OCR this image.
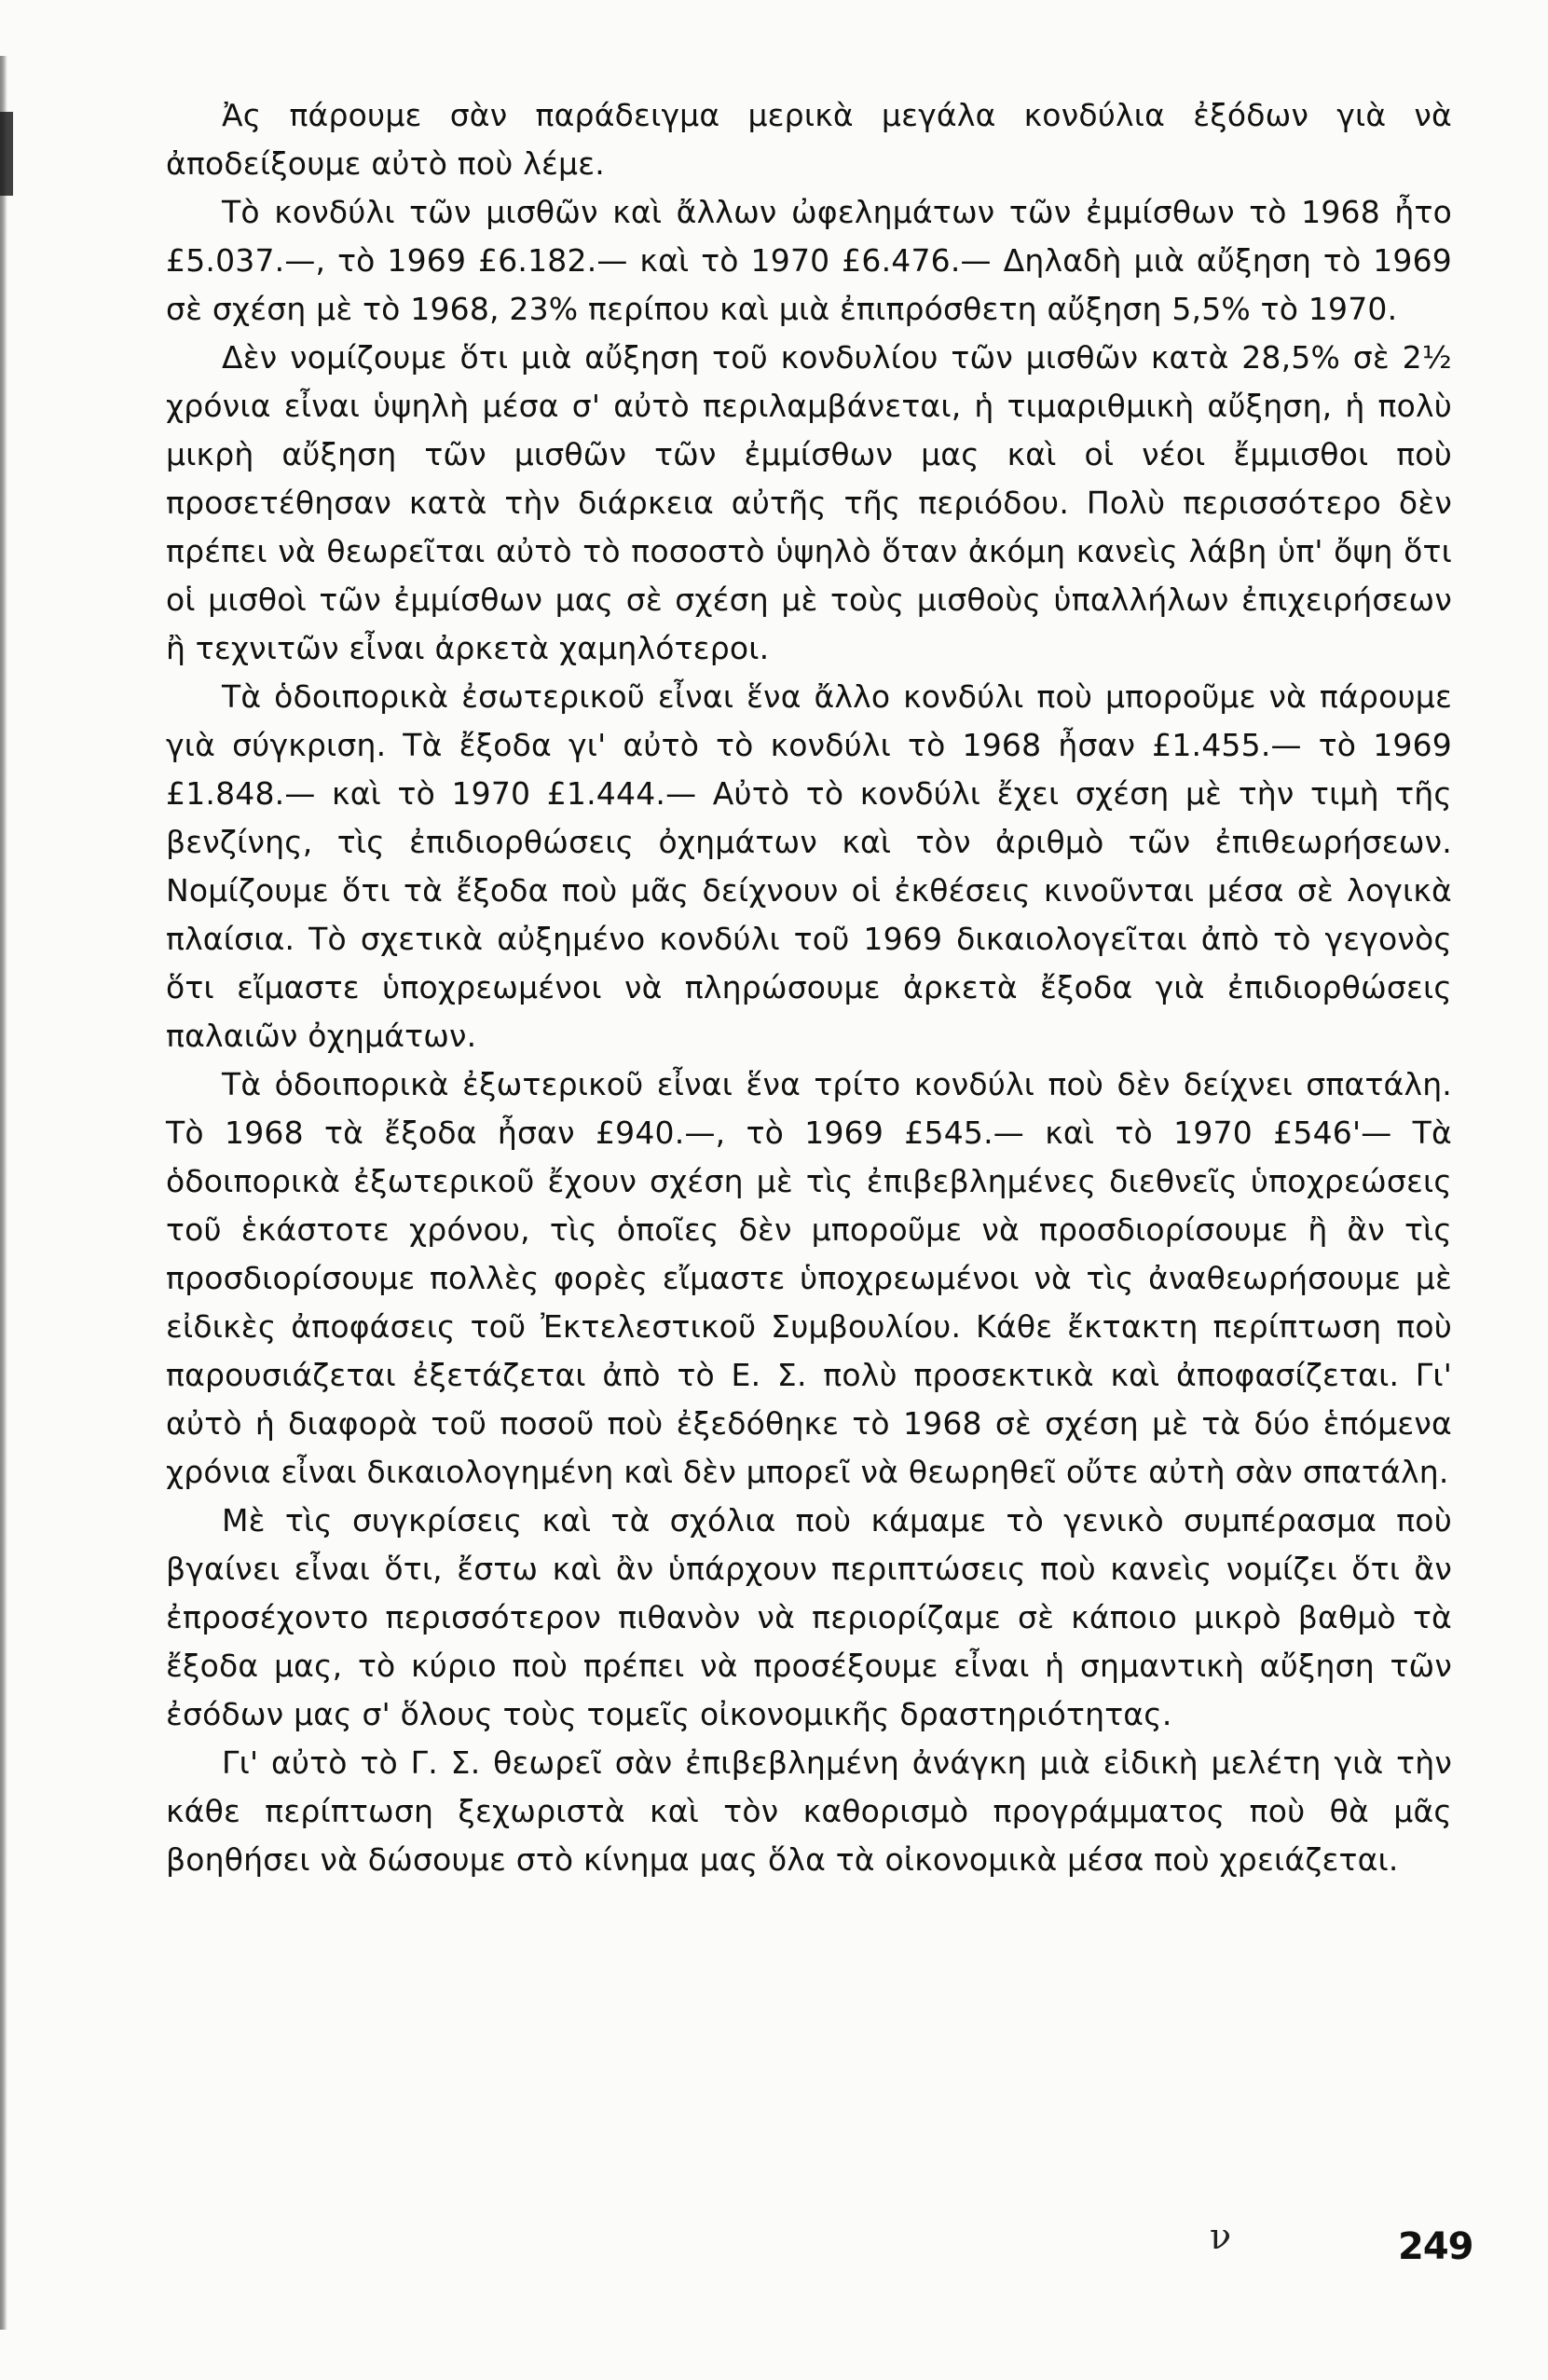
Ἀς πάρουμε σὰν παράδειγμα μερικὰ μεγάλα κονδύλια ἐξόδων γιὰ νὰ ἀποδείξουμε αὐτὸ ποὺ λέμε.

Τὸ κονδύλι τῶν μισθῶν καὶ ἄλλων ὠφελημάτων τῶν ἐμμίσθων τὸ 1968 ἦτο £5.037.—, τὸ 1969 £6.182.— καὶ τὸ 1970 £6.476.— Δηλαδὴ μιὰ αὔξηση τὸ 1969 σὲ σχέση μὲ τὸ 1968, 23% περίπου καὶ μιὰ ἐπιπρόσθετη αὔξηση 5,5% τὸ 1970.

Δὲν νομίζουμε ὅτι μιὰ αὔξηση τοῦ κονδυλίου τῶν μισθῶν κατὰ 28,5% σὲ 2½ χρόνια εἶναι ὑψηλὴ μέσα σ' αὐτὸ περιλαμβάνεται, ἡ τιμαριθμικὴ αὔξηση, ἡ πολὺ μικρὴ αὔξηση τῶν μισθῶν τῶν ἐμμίσθων μας καὶ οἱ νέοι ἔμμισθοι ποὺ προσετέθησαν κατὰ τὴν διάρκεια αὐτῆς τῆς περιόδου. Πολὺ περισσότερο δὲν πρέπει νὰ θεωρεῖται αὐτὸ τὸ ποσοστὸ ὑψηλὸ ὅταν ἀκόμη κανεὶς λάβη ὑπ' ὄψη ὅτι οἱ μισθοὶ τῶν ἐμμίσθων μας σὲ σχέση μὲ τοὺς μισθοὺς ὑπαλλήλων ἐπιχειρήσεων ἢ τεχνιτῶν εἶναι ἀρκετὰ χαμηλότεροι.

Τὰ ὁδοιπορικὰ ἐσωτερικοῦ εἶναι ἕνα ἄλλο κονδύλι ποὺ μποροῦμε νὰ πάρουμε γιὰ σύγκριση. Τὰ ἔξοδα γι' αὐτὸ τὸ κονδύλι τὸ 1968 ἦσαν £1.455.— τὸ 1969 £1.848.— καὶ τὸ 1970 £1.444.— Αὐτὸ τὸ κονδύλι ἔχει σχέση μὲ τὴν τιμὴ τῆς βενζίνης, τὶς ἐπιδιορθώσεις ὀχημάτων καὶ τὸν ἀριθμὸ τῶν ἐπιθεωρήσεων. Νομίζουμε ὅτι τὰ ἔξοδα ποὺ μᾶς δείχνουν οἱ ἐκθέσεις κινοῦνται μέσα σὲ λογικὰ πλαίσια. Τὸ σχετικὰ αὐξημένο κονδύλι τοῦ 1969 δικαιολογεῖται ἀπὸ τὸ γεγονὸς ὅτι εἴμαστε ὑποχρεωμένοι νὰ πληρώσουμε ἀρκετὰ ἔξοδα γιὰ ἐπιδιορθώσεις παλαιῶν ὀχημάτων.

Τὰ ὁδοιπορικὰ ἐξωτερικοῦ εἶναι ἕνα τρίτο κονδύλι ποὺ δὲν δείχνει σπατάλη. Τὸ 1968 τὰ ἔξοδα ἦσαν £940.—, τὸ 1969 £545.— καὶ τὸ 1970 £546'— Τὰ ὁδοιπορικὰ ἐξωτερικοῦ ἔχουν σχέση μὲ τὶς ἐπιβεβλημένες διεθνεῖς ὑποχρεώσεις τοῦ ἑκάστοτε χρόνου, τὶς ὁποῖες δὲν μποροῦμε νὰ προσδιορίσουμε ἢ ἂν τὶς προσδιορίσουμε πολλὲς φορὲς εἴμαστε ὑποχρεωμένοι νὰ τὶς ἀναθεωρήσουμε μὲ εἰδικὲς ἀποφάσεις τοῦ Ἐκτελεστικοῦ Συμβουλίου. Κάθε ἔκτακτη περίπτωση ποὺ παρουσιάζεται ἐξετάζεται ἀπὸ τὸ Ε. Σ. πολὺ προσεκτικὰ καὶ ἀποφασίζεται. Γι' αὐτὸ ἡ διαφορὰ τοῦ ποσοῦ ποὺ ἐξεδόθηκε τὸ 1968 σὲ σχέση μὲ τὰ δύο ἑπόμενα χρόνια εἶναι δικαιολογημένη καὶ δὲν μπορεῖ νὰ θεωρηθεῖ οὔτε αὐτὴ σὰν σπατάλη.

Μὲ τὶς συγκρίσεις καὶ τὰ σχόλια ποὺ κάμαμε τὸ γενικὸ συμπέρασμα ποὺ βγαίνει εἶναι ὅτι, ἔστω καὶ ἂν ὑπάρχουν περιπτώσεις ποὺ κανεὶς νομίζει ὅτι ἂν ἐπροσέχοντο περισσότερον πιθανὸν νὰ περιορίζαμε σὲ κάποιο μικρὸ βαθμὸ τὰ ἔξοδα μας, τὸ κύριο ποὺ πρέπει νὰ προσέξουμε εἶναι ἡ σημαντικὴ αὔξηση τῶν ἐσόδων μας σ' ὅλους τοὺς τομεῖς οἰκονομικῆς δραστηριότητας.

Γι' αὐτὸ τὸ Γ. Σ. θεωρεῖ σὰν ἐπιβεβλημένη ἀνάγκη μιὰ εἰδικὴ μελέτη γιὰ τὴν κάθε περίπτωση ξεχωριστὰ καὶ τὸν καθορισμὸ προγράμματος ποὺ θὰ μᾶς βοηθήσει νὰ δώσουμε στὸ κίνημα μας ὅλα τὰ οἰκονομικὰ μέσα ποὺ χρειάζεται.

ν	249
